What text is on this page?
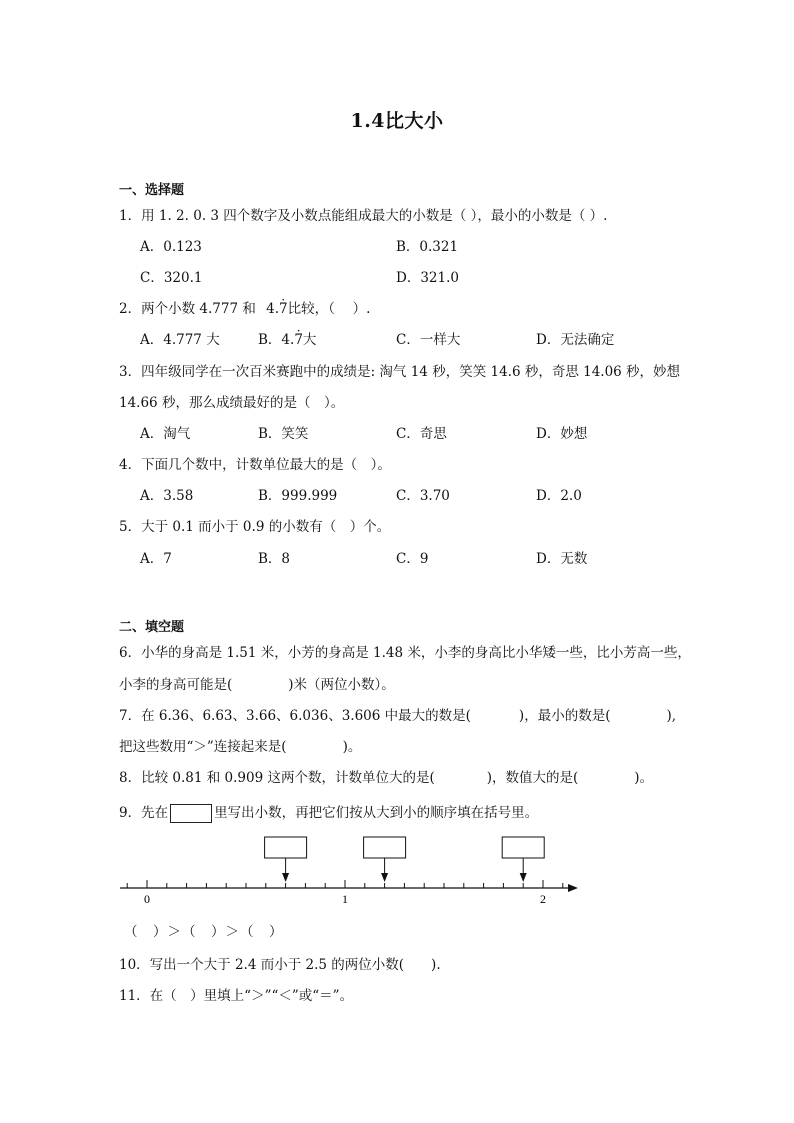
1.4比大小
一、选择题
1．用 1. 2. 0. 3 四个数字及小数点能组成最大的小数是（ ），最小的小数是（ ）.
A．0.123	B．0.321
C．320.1	D．321.0
2．两个小数 4.777 和 4.7 ·比较，（　 ）.
A．4.777 大	B．4.7 ·大	C．一样大	D．无法确定
3．四年级同学在一次百米赛跑中的成绩是: 淘气 14 秒，笑笑 14.6 秒，奇思 14.06 秒，妙想
14.66 秒，那么成绩最好的是（　）。
A．淘气	B．笑笑	C．奇思	D．妙想
4．下面几个数中，计数单位最大的是（　）。
A．3.58	B．999.999	C．3.70	D．2.0
5．大于 0.1 而小于 0.9 的小数有（　）个。
A．7	B．8	C．9	D．无数
二、填空题
6．小华的身高是 1.51 米，小芳的身高是 1.48 米，小李的身高比小华矮一些，比小芳高一些，
小李的身高可能是(	)米（两位小数）。
7．在 6.36、6.63、3.66、6.036、3.606 中最大的数是(	)，最小的数是(	),
把这些数用“＞”连接起来是(	)。
8．比较 0.81 和 0.909 这两个数，计数单位大的是(	)，数值大的是(	)。
9．先在	里写出小数，再把它们按从大到小的顺序填在括号里。
0	1	2
（　）＞（　）＞（　）
10．写出一个大于 2.4 而小于 2.5 的两位小数(　　).
11．在（　）里填上“＞”“＜”或“＝”。
